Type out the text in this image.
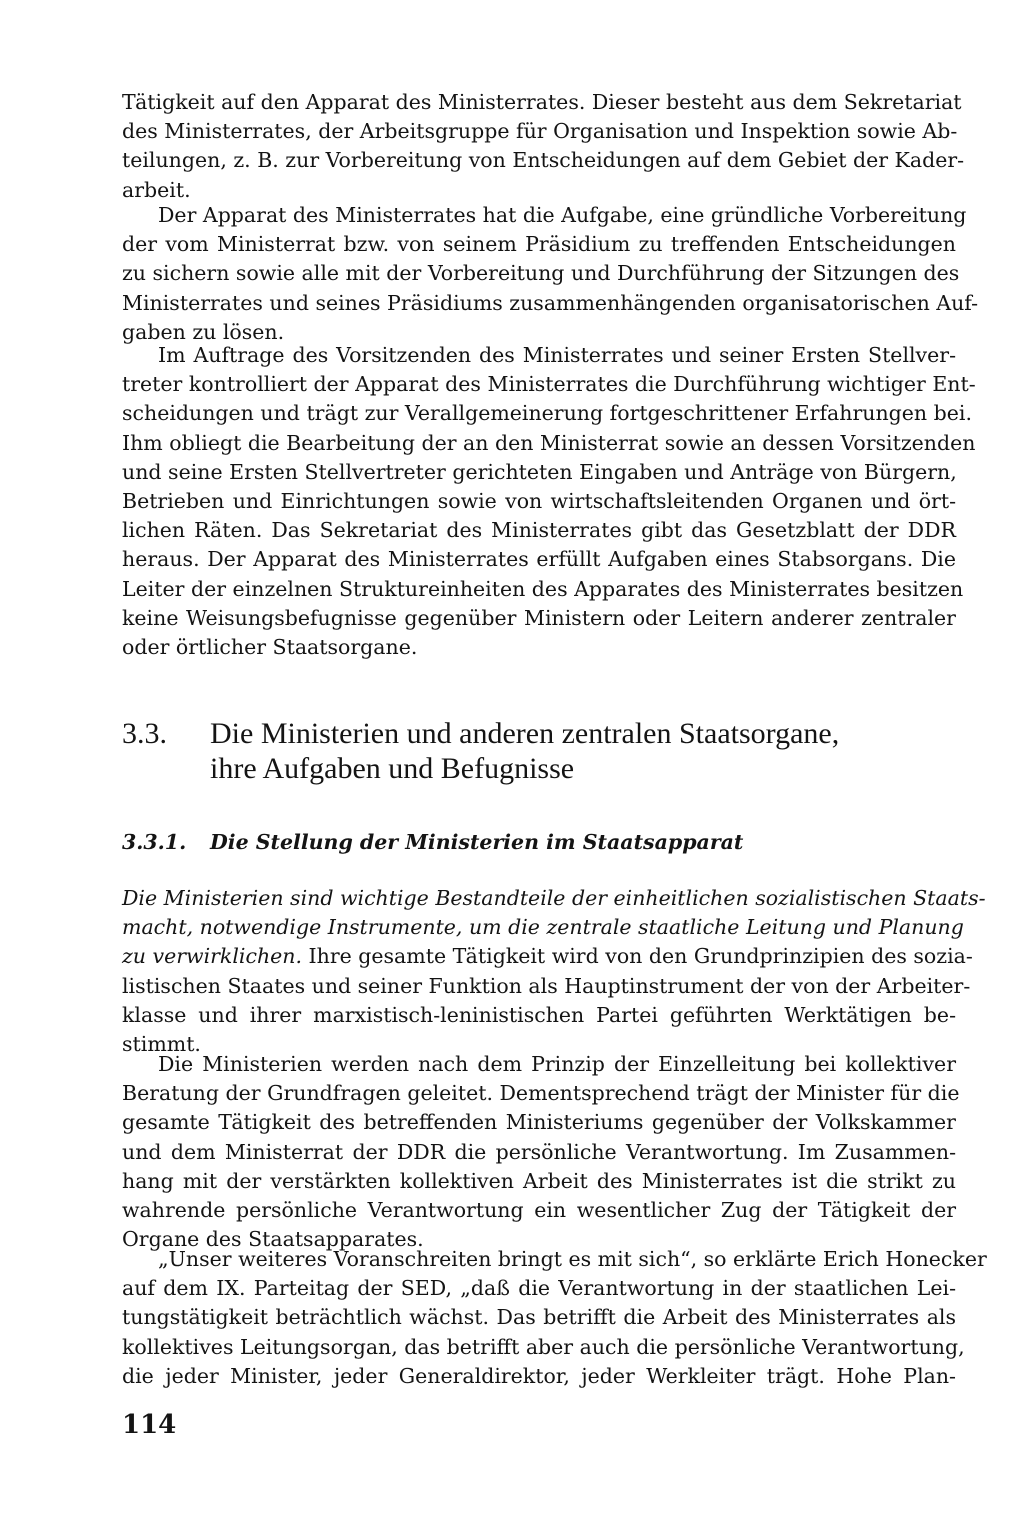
Tätigkeit auf den Apparat des Ministerrates. Dieser besteht aus dem Sekretariat
des Ministerrates, der Arbeitsgruppe für Organisation und Inspektion sowie Ab-
teilungen, z. B. zur Vorbereitung von Entscheidungen auf dem Gebiet der Kader-
arbeit.
Der Apparat des Ministerrates hat die Aufgabe, eine gründliche Vorbereitung
der vom Ministerrat bzw. von seinem Präsidium zu treffenden Entscheidungen
zu sichern sowie alle mit der Vorbereitung und Durchführung der Sitzungen des
Ministerrates und seines Präsidiums zusammenhängenden organisatorischen Auf-
gaben zu lösen.
Im Auftrage des Vorsitzenden des Ministerrates und seiner Ersten Stellver-
treter kontrolliert der Apparat des Ministerrates die Durchführung wichtiger Ent-
scheidungen und trägt zur Verallgemeinerung fortgeschrittener Erfahrungen bei.
Ihm obliegt die Bearbeitung der an den Ministerrat sowie an dessen Vorsitzenden
und seine Ersten Stellvertreter gerichteten Eingaben und Anträge von Bürgern,
Betrieben und Einrichtungen sowie von wirtschaftsleitenden Organen und ört-
lichen Räten. Das Sekretariat des Ministerrates gibt das Gesetzblatt der DDR
heraus. Der Apparat des Ministerrates erfüllt Aufgaben eines Stabsorgans. Die
Leiter der einzelnen Struktureinheiten des Apparates des Ministerrates besitzen
keine Weisungsbefugnisse gegenüber Ministern oder Leitern anderer zentraler
oder örtlicher Staatsorgane.
3.3. Die Ministerien und anderen zentralen Staatsorgane,
ihre Aufgaben und Befugnisse
3.3.1. Die Stellung der Ministerien im Staatsapparat
Die Ministerien sind wichtige Bestandteile der einheitlichen sozialistischen Staats-
macht, notwendige Instrumente, um die zentrale staatliche Leitung und Planung
zu verwirklichen. Ihre gesamte Tätigkeit wird von den Grundprinzipien des sozia-
listischen Staates und seiner Funktion als Hauptinstrument der von der Arbeiter-
klasse und ihrer marxistisch-leninistischen Partei geführten Werktätigen be-
stimmt.
Die Ministerien werden nach dem Prinzip der Einzelleitung bei kollektiver
Beratung der Grundfragen geleitet. Dementsprechend trägt der Minister für die
gesamte Tätigkeit des betreffenden Ministeriums gegenüber der Volkskammer
und dem Ministerrat der DDR die persönliche Verantwortung. Im Zusammen-
hang mit der verstärkten kollektiven Arbeit des Ministerrates ist die strikt zu
wahrende persönliche Verantwortung ein wesentlicher Zug der Tätigkeit der
Organe des Staatsapparates.
„Unser weiteres Voranschreiten bringt es mit sich“, so erklärte Erich Honecker
auf dem IX. Parteitag der SED, „daß die Verantwortung in der staatlichen Lei-
tungstätigkeit beträchtlich wächst. Das betrifft die Arbeit des Ministerrates als
kollektives Leitungsorgan, das betrifft aber auch die persönliche Verantwortung,
die jeder Minister, jeder Generaldirektor, jeder Werkleiter trägt. Hohe Plan-
114
